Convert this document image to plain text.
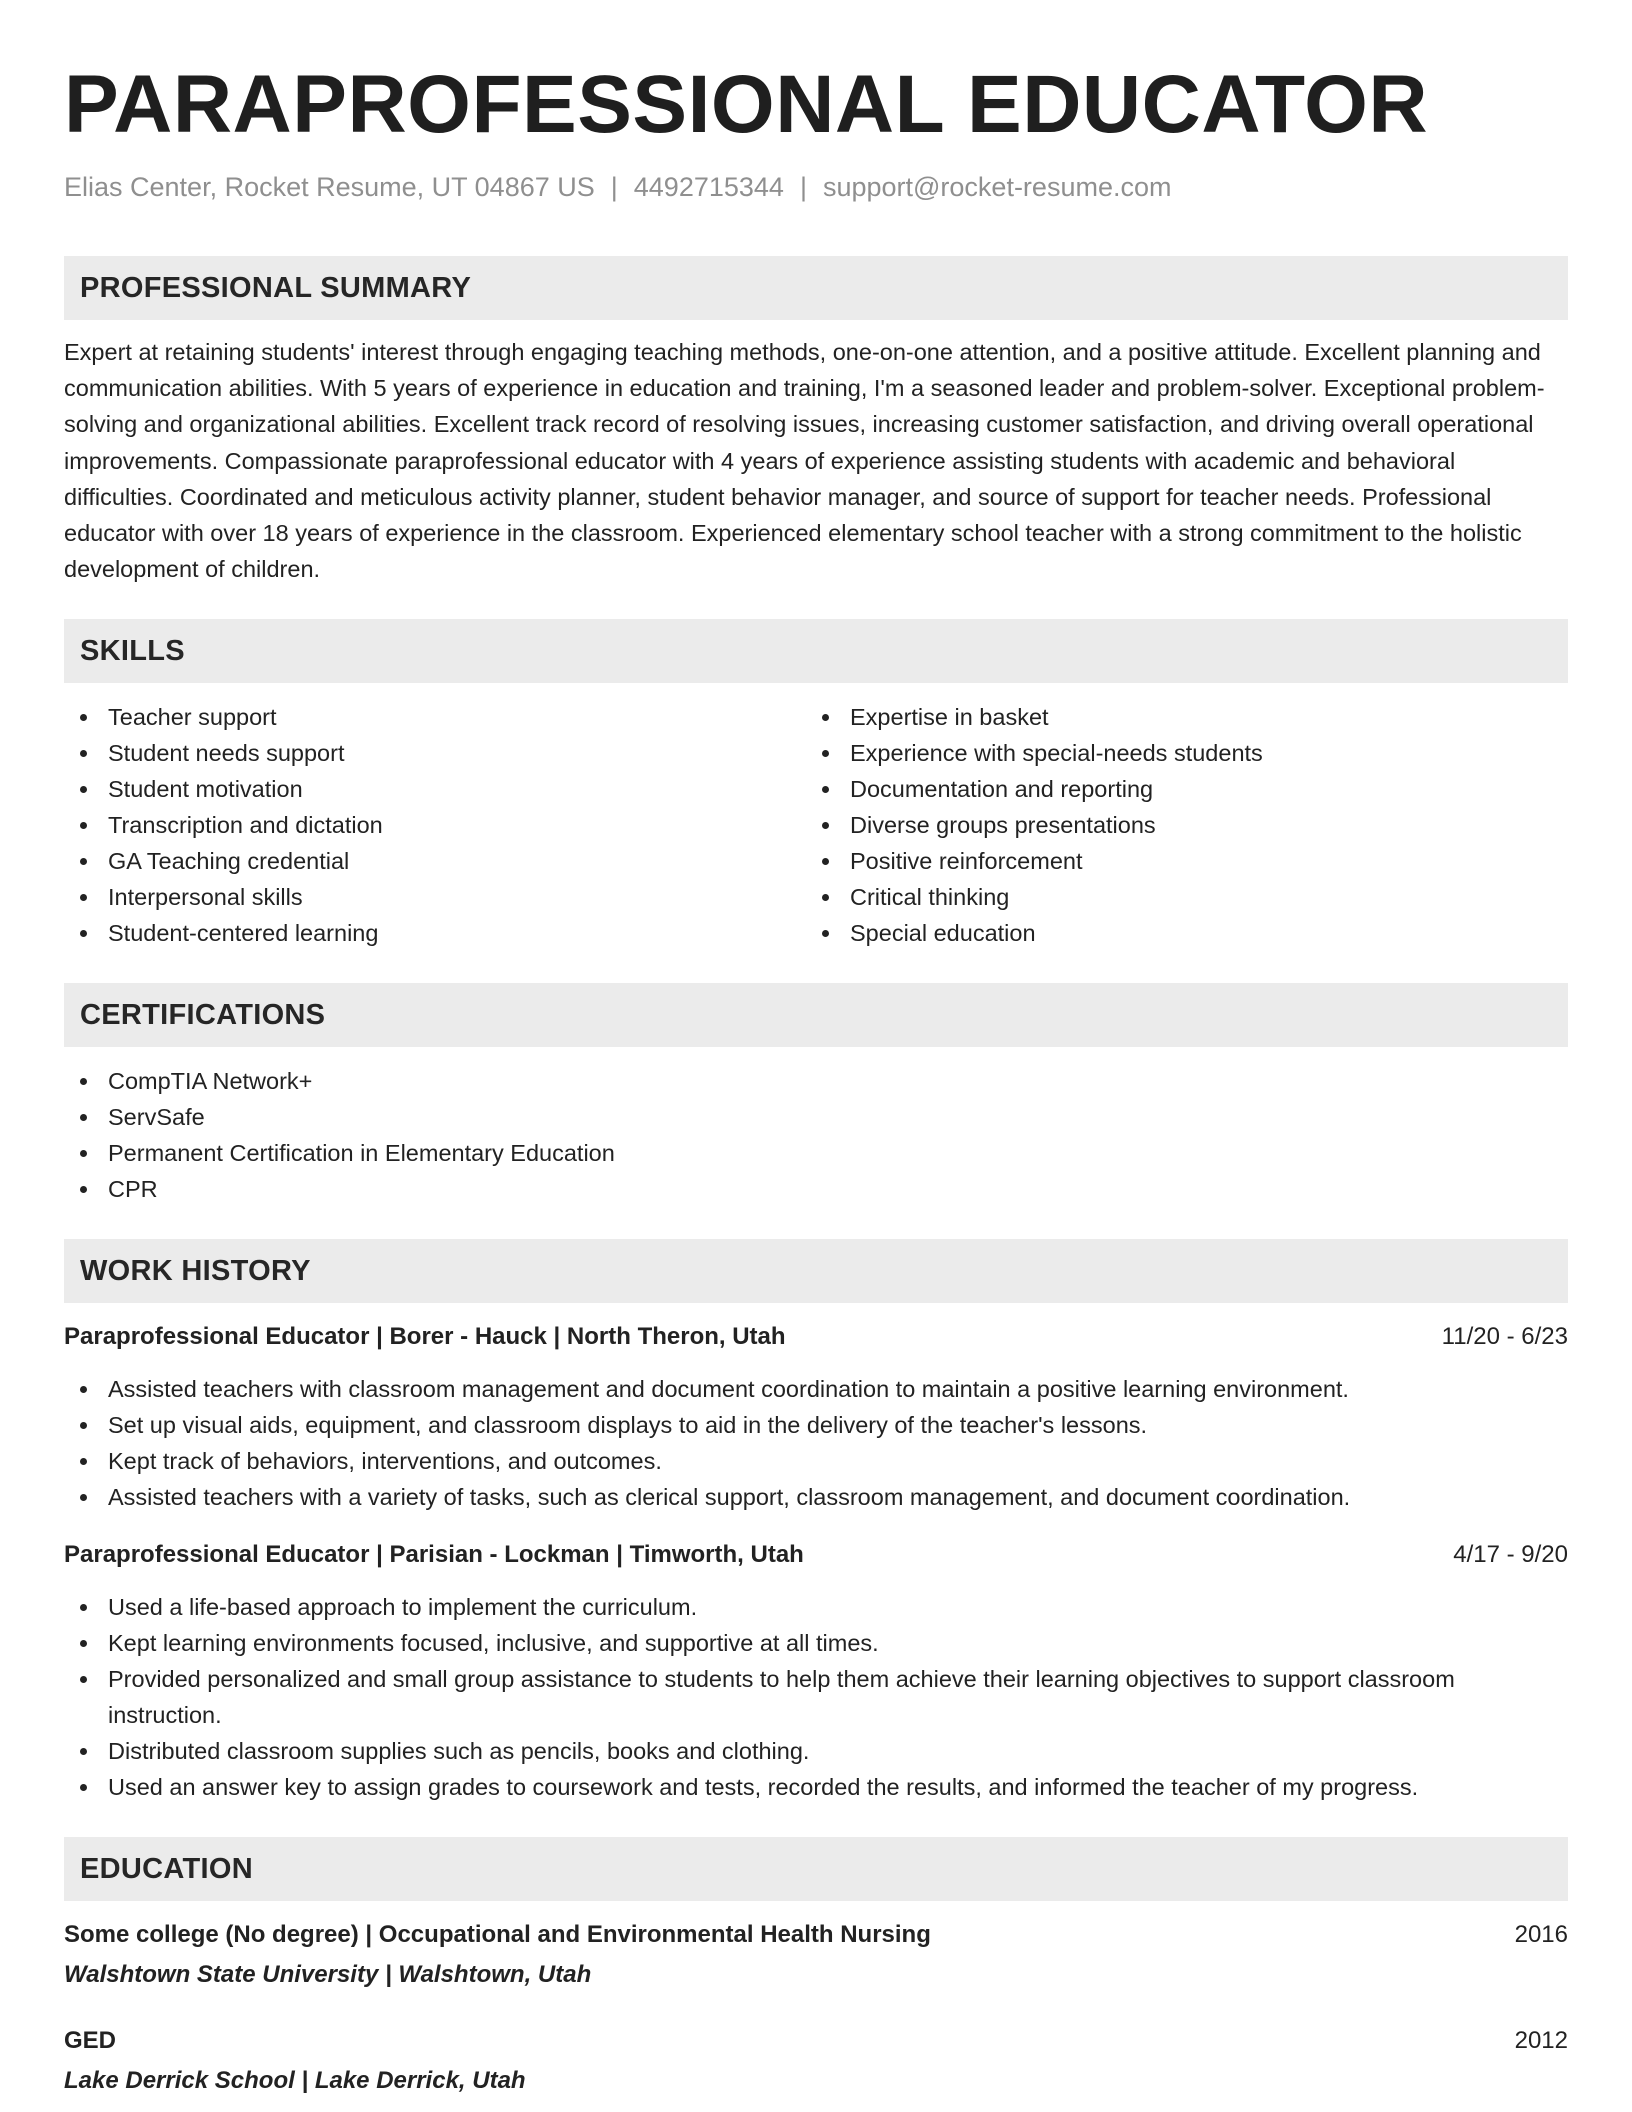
PARAPROFESSIONAL EDUCATOR
Elias Center, Rocket Resume, UT 04867 US | 4492715344 | support@rocket-resume.com
PROFESSIONAL SUMMARY

Expert at retaining students' interest through engaging teaching methods, one-on-one attention, and a positive attitude. Excellent planning and communication abilities. With 5 years of experience in education and training, I'm a seasoned leader and problem-solver. Exceptional problem-solving and organizational abilities. Excellent track record of resolving issues, increasing customer satisfaction, and driving overall operational improvements. Compassionate paraprofessional educator with 4 years of experience assisting students with academic and behavioral difficulties. Coordinated and meticulous activity planner, student behavior manager, and source of support for teacher needs. Professional educator with over 18 years of experience in the classroom. Experienced elementary school teacher with a strong commitment to the holistic development of children.

SKILLS
Teacher support
Student needs support
Student motivation
Transcription and dictation
GA Teaching credential
Interpersonal skills
Student-centered learning
Expertise in basket
Experience with special-needs students
Documentation and reporting
Diverse groups presentations
Positive reinforcement
Critical thinking
Special education
CERTIFICATIONS
CompTIA Network+
ServSafe
Permanent Certification in Elementary Education
CPR
WORK HISTORY
Paraprofessional Educator | Borer - Hauck | North Theron, Utah	11/20 - 6/23
Assisted teachers with classroom management and document coordination to maintain a positive learning environment.
Set up visual aids, equipment, and classroom displays to aid in the delivery of the teacher's lessons.
Kept track of behaviors, interventions, and outcomes.
Assisted teachers with a variety of tasks, such as clerical support, classroom management, and document coordination.
Paraprofessional Educator | Parisian - Lockman | Timworth, Utah	4/17 - 9/20
Used a life-based approach to implement the curriculum.
Kept learning environments focused, inclusive, and supportive at all times.
Provided personalized and small group assistance to students to help them achieve their learning objectives to support classroom instruction.
Distributed classroom supplies such as pencils, books and clothing.
Used an answer key to assign grades to coursework and tests, recorded the results, and informed the teacher of my progress.
EDUCATION
Some college (No degree) | Occupational and Environmental Health Nursing	2016
Walshtown State University | Walshtown, Utah
GED	2012
Lake Derrick School | Lake Derrick, Utah
